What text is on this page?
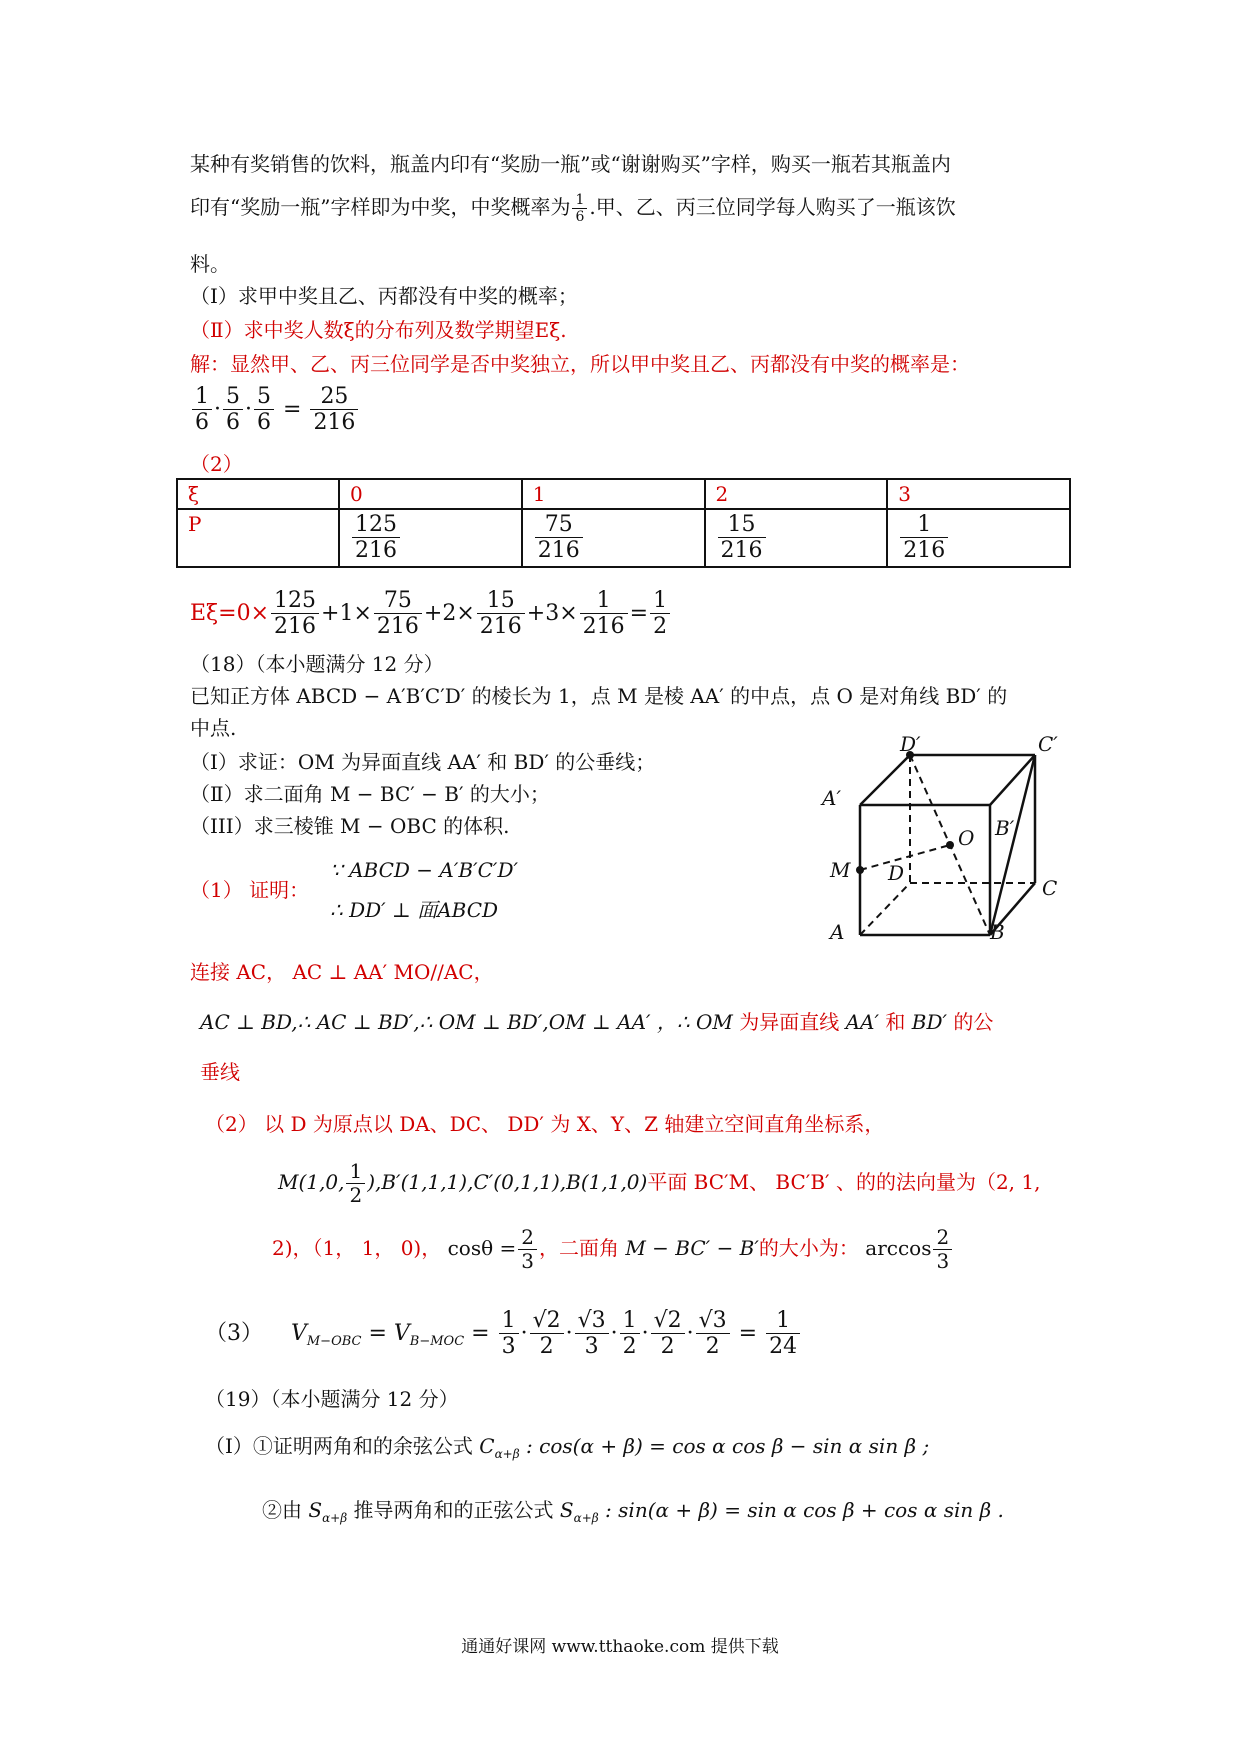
某种有奖销售的饮料，瓶盖内印有“奖励一瓶”或“谢谢购买”字样，购买一瓶若其瓶盖内
印有“奖励一瓶”字样即为中奖，中奖概率为 $\frac{1}{6}$ .甲、乙、丙三位同学每人购买了一瓶该饮
料。
（Ⅰ）求甲中奖且乙、丙都没有中奖的概率；
（Ⅱ）求中奖人数ξ的分布列及数学期望Eξ.
解：显然甲、乙、丙三位同学是否中奖独立，所以甲中奖且乙、丙都没有中奖的概率是：
$\frac{1}{6} \cdot \frac{5}{6} \cdot \frac{5}{6} = \frac{25}{216}$
（2）
ξ	0	1	2	3
P	$\frac{125}{216}$	$\frac{75}{216}$	$\frac{15}{216}$	$\frac{1}{216}$
$E\xi=0\times \frac{125}{216} +1\times \frac{75}{216} +2\times \frac{15}{216} +3\times \frac{1}{216} = \frac{1}{2}$
（18）（本小题满分 12 分）
已知正方体 ABCD − A′B′C′D′ 的棱长为 1，点 M 是棱 AA′ 的中点，点 O 是对角线 BD′ 的
中点.
（Ⅰ）求证：OM 为异面直线 AA′ 和 BD′ 的公垂线；
（Ⅱ）求二面角 M − BC′ − B′ 的大小；
（III）求三棱锥 M − OBC 的体积.
（1） 证明：
∵ ABCD − A′B′C′D′
∴ DD′ ⊥ 面ABCD
连接 AC， AC ⊥ AA′ MO//AC，
AC ⊥ BD,∴ AC ⊥ BD′,∴ OM ⊥ BD′,OM ⊥ AA′ ，∴ OM 为异面直线 AA′ 和 BD′ 的公
垂线
（2） 以 D 为原点以 DA、DC、 DD′ 为 X、Y、Z 轴建立空间直角坐标系，
M(1,0, $\frac{1}{2} ),B'(1,1,1),C'(0,1,1),B(1,1,0)$平面 BC′M、 BC′B′ 、的的法向量为（2, 1,
2)，（1， 1， 0)， $\cos\theta = \frac{2}{3}$ ，二面角 M − BC′ − B′的大小为： $\arccos \frac{2}{3}$
（3） $V_{M-OBC} = V_{B-MOC} = \frac{1}{3} \cdot \frac{√2}{2} \cdot \frac{√3}{3} \cdot \frac{1}{2} \cdot \frac{√2}{2} \cdot \frac{√3}{2} = \frac{1}{24}$
D′	C′
A′
B′
O
M D
C
A	B
（19）（本小题满分 12 分）
（Ⅰ）①证明两角和的余弦公式 $C_{\alpha+\beta}$ : cos(α + β) = cos α cos β − sin α sin β ;
②由 $S_{\alpha+\beta}$ 推导两角和的正弦公式 $S_{\alpha+\beta}$ : sin(α + β) = sin α cos β + cos α sin β .
通通好课网 www.tthaoke.com 提供下载
